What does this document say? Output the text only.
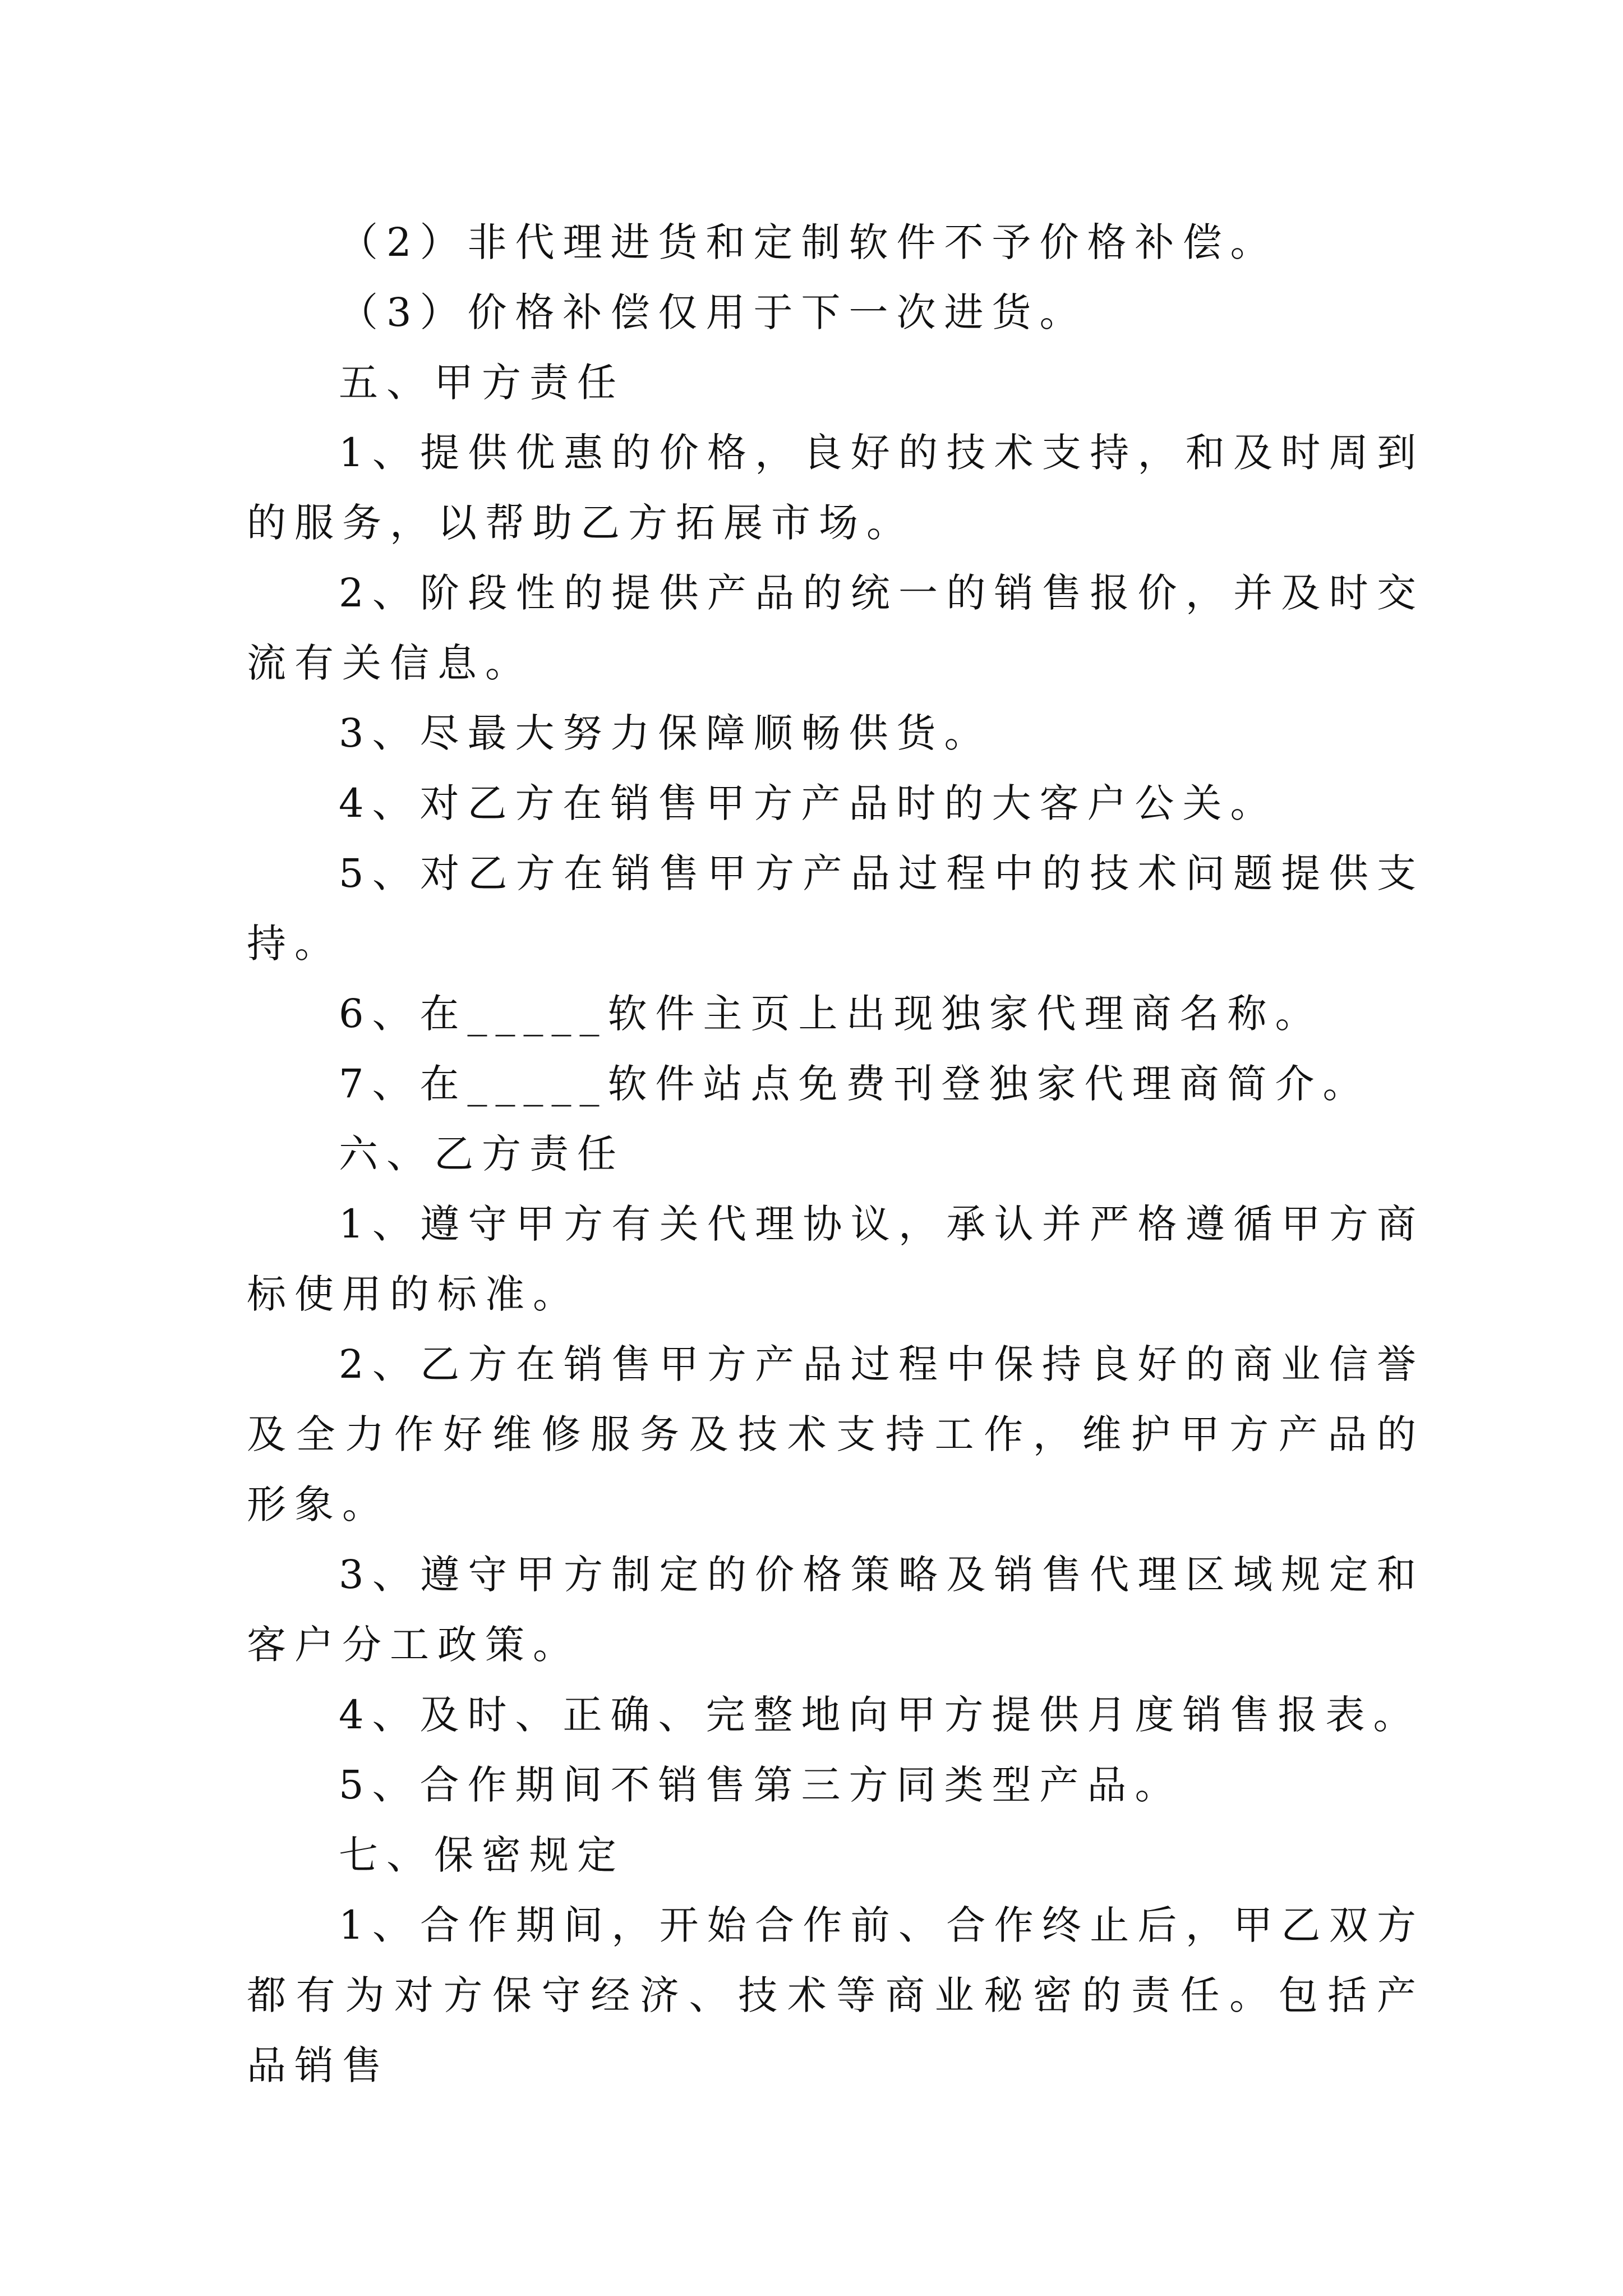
（2）非代理进货和定制软件不予价格补偿。

（3）价格补偿仅用于下一次进货。

五、甲方责任

1、提供优惠的价格，良好的技术支持，和及时周到的服务，以帮助乙方拓展市场。

2、阶段性的提供产品的统一的销售报价，并及时交流有关信息。

3、尽最大努力保障顺畅供货。

4、对乙方在销售甲方产品时的大客户公关。

5、对乙方在销售甲方产品过程中的技术问题提供支持。

6、在_____软件主页上出现独家代理商名称。

7、在_____软件站点免费刊登独家代理商简介。

六、乙方责任

1、遵守甲方有关代理协议，承认并严格遵循甲方商标使用的标准。

2、乙方在销售甲方产品过程中保持良好的商业信誉及全力作好维修服务及技术支持工作，维护甲方产品的形象。

3、遵守甲方制定的价格策略及销售代理区域规定和客户分工政策。

4、及时、正确、完整地向甲方提供月度销售报表。

5、合作期间不销售第三方同类型产品。

七、保密规定

1、合作期间，开始合作前、合作终止后，甲乙双方都有为对方保守经济、技术等商业秘密的责任。包括产品销售
